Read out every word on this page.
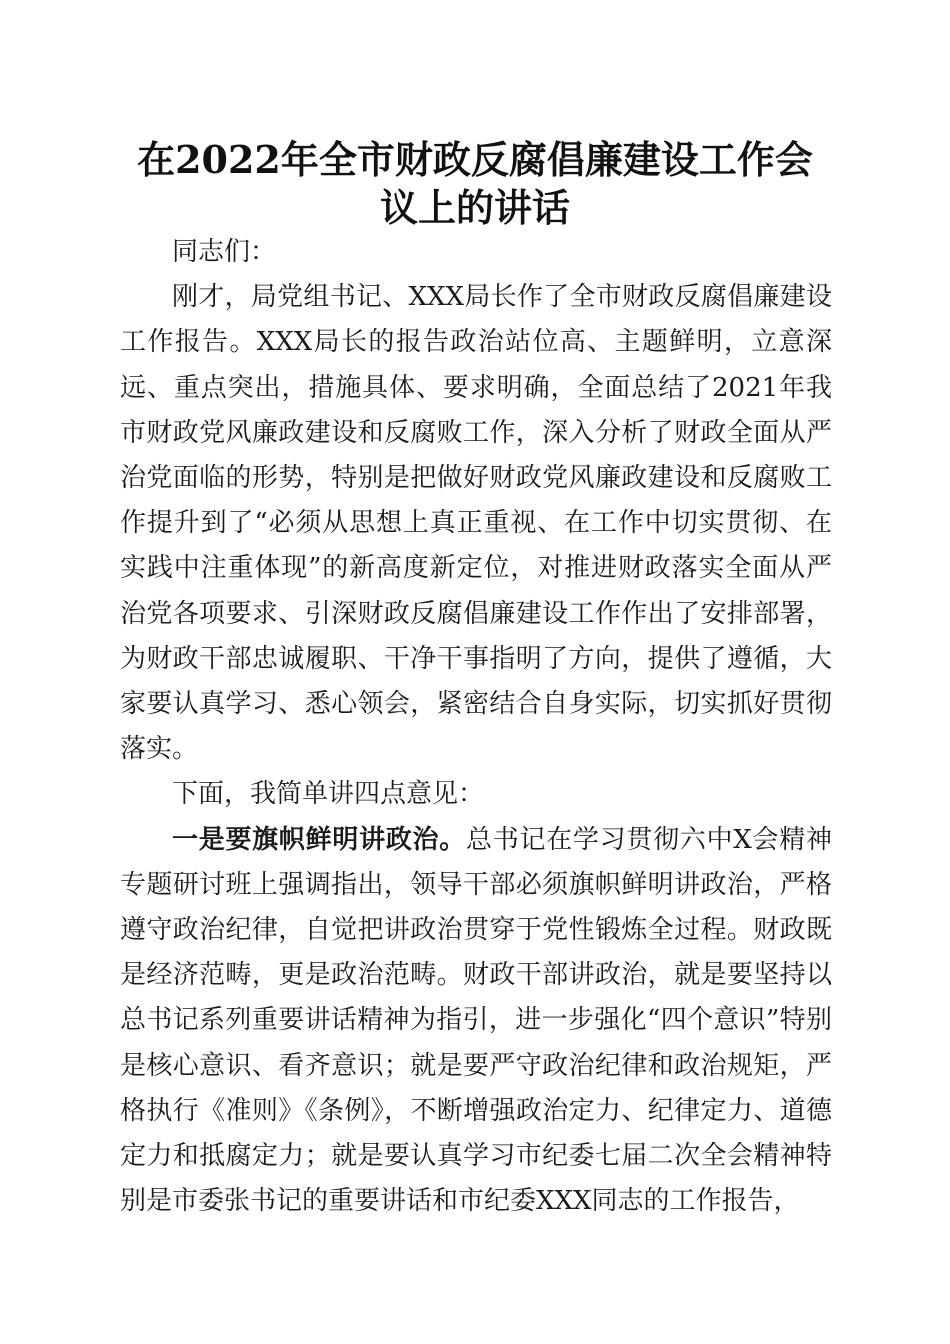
在2022年全市财政反腐倡廉建设工作会议上的讲话

同志们：

刚才，局党组书记、XXX局长作了全市财政反腐倡廉建设工作报告。XXX局长的报告政治站位高、主题鲜明，立意深远、重点突出，措施具体、要求明确，全面总结了2021年我市财政党风廉政建设和反腐败工作，深入分析了财政全面从严治党面临的形势，特别是把做好财政党风廉政建设和反腐败工作提升到了“必须从思想上真正重视、在工作中切实贯彻、在实践中注重体现”的新高度新定位，对推进财政落实全面从严治党各项要求、引深财政反腐倡廉建设工作作出了安排部署，为财政干部忠诚履职、干净干事指明了方向，提供了遵循，大家要认真学习、悉心领会，紧密结合自身实际，切实抓好贯彻落实。

下面，我简单讲四点意见：

一是要旗帜鲜明讲政治。总书记在学习贯彻六中X会精神专题研讨班上强调指出，领导干部必须旗帜鲜明讲政治，严格遵守政治纪律，自觉把讲政治贯穿于党性锻炼全过程。财政既是经济范畴，更是政治范畴。财政干部讲政治，就是要坚持以总书记系列重要讲话精神为指引，进一步强化“四个意识”特别是核心意识、看齐意识；就是要严守政治纪律和政治规矩，严格执行《准则》《条例》，不断增强政治定力、纪律定力、道德定力和抵腐定力；就是要认真学习市纪委七届二次全会精神特别是市委张书记的重要讲话和市纪委XXX同志的工作报告，
